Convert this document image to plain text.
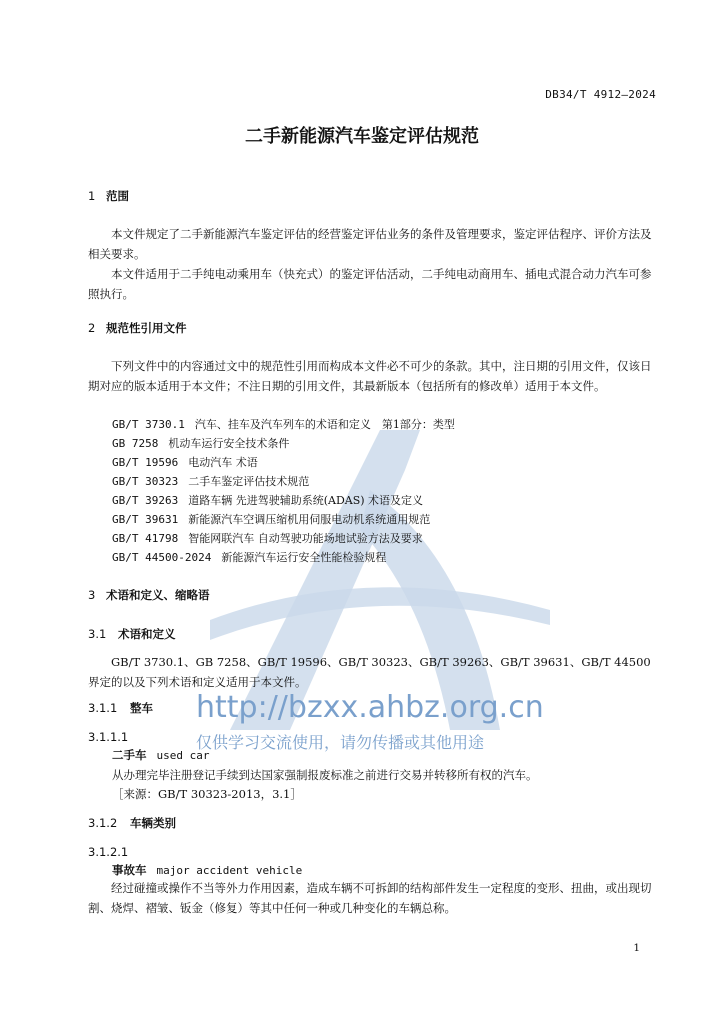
DB34/T 4912—2024
二手新能源汽车鉴定评估规范
1 范围
本文件规定了二手新能源汽车鉴定评估的经营鉴定评估业务的条件及管理要求，鉴定评估程序、评价方法及相关要求。
本文件适用于二手纯电动乘用车（快充式）的鉴定评估活动，二手纯电动商用车、插电式混合动力汽车可参照执行。
2 规范性引用文件
下列文件中的内容通过文中的规范性引用而构成本文件必不可少的条款。其中，注日期的引用文件，仅该日期对应的版本适用于本文件；不注日期的引用文件，其最新版本（包括所有的修改单）适用于本文件。
GB/T 3730.1 汽车、挂车及汽车列车的术语和定义　第1部分：类型
GB 7258 机动车运行安全技术条件
GB/T 19596 电动汽车 术语
GB/T 30323 二手车鉴定评估技术规范
GB/T 39263 道路车辆 先进驾驶辅助系统(ADAS) 术语及定义
GB/T 39631 新能源汽车空调压缩机用伺服电动机系统通用规范
GB/T 41798 智能网联汽车 自动驾驶功能场地试验方法及要求
GB/T 44500-2024 新能源汽车运行安全性能检验规程
3 术语和定义、缩略语
3.1 术语和定义
GB/T 3730.1、GB 7258、GB/T 19596、GB/T 30323、GB/T 39263、GB/T 39631、GB/T 44500 界定的以及下列术语和定义适用于本文件。
3.1.1 整车
3.1.1.1
二手车 used car
从办理完毕注册登记手续到达国家强制报废标准之前进行交易并转移所有权的汽车。
［来源：GB/T 30323-2013，3.1］
3.1.2 车辆类别
3.1.2.1
事故车 major accident vehicle
经过碰撞或操作不当等外力作用因素，造成车辆不可拆卸的结构部件发生一定程度的变形、扭曲，或出现切割、烧焊、褶皱、钣金（修复）等其中任何一种或几种变化的车辆总称。
http://bzxx.ahbz.org.cn
仅供学习交流使用，请勿传播或其他用途
1
